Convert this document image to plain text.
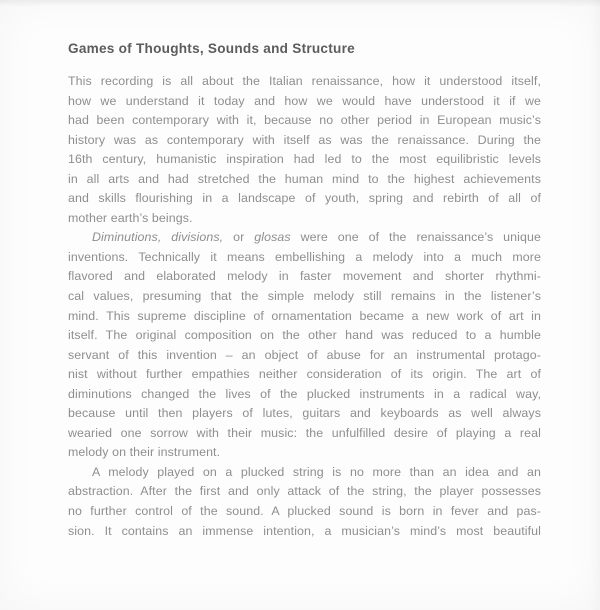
Games of Thoughts, Sounds and Structure
This recording is all about the Italian renaissance, how it understood itself,
how we understand it today and how we would have understood it if we
had been contemporary with it, because no other period in European music’s
history was as contemporary with itself as was the renaissance. During the
16th century, humanistic inspiration had led to the most equilibristic levels
in all arts and had stretched the human mind to the highest achievements
and skills flourishing in a landscape of youth, spring and rebirth of all of
mother earth’s beings.
Diminutions, divisions, or glosas were one of the renaissance’s unique
inventions. Technically it means embellishing a melody into a much more
flavored and elaborated melody in faster movement and shorter rhythmi-
cal values, presuming that the simple melody still remains in the listener’s
mind. This supreme discipline of ornamentation became a new work of art in
itself. The original composition on the other hand was reduced to a humble
servant of this invention – an object of abuse for an instrumental protago-
nist without further empathies neither consideration of its origin. The art of
diminutions changed the lives of the plucked instruments in a radical way,
because until then players of lutes, guitars and keyboards as well always
wearied one sorrow with their music: the unfulfilled desire of playing a real
melody on their instrument.
A melody played on a plucked string is no more than an idea and an
abstraction. After the first and only attack of the string, the player possesses
no further control of the sound. A plucked sound is born in fever and pas-
sion. It contains an immense intention, a musician’s mind’s most beautiful
